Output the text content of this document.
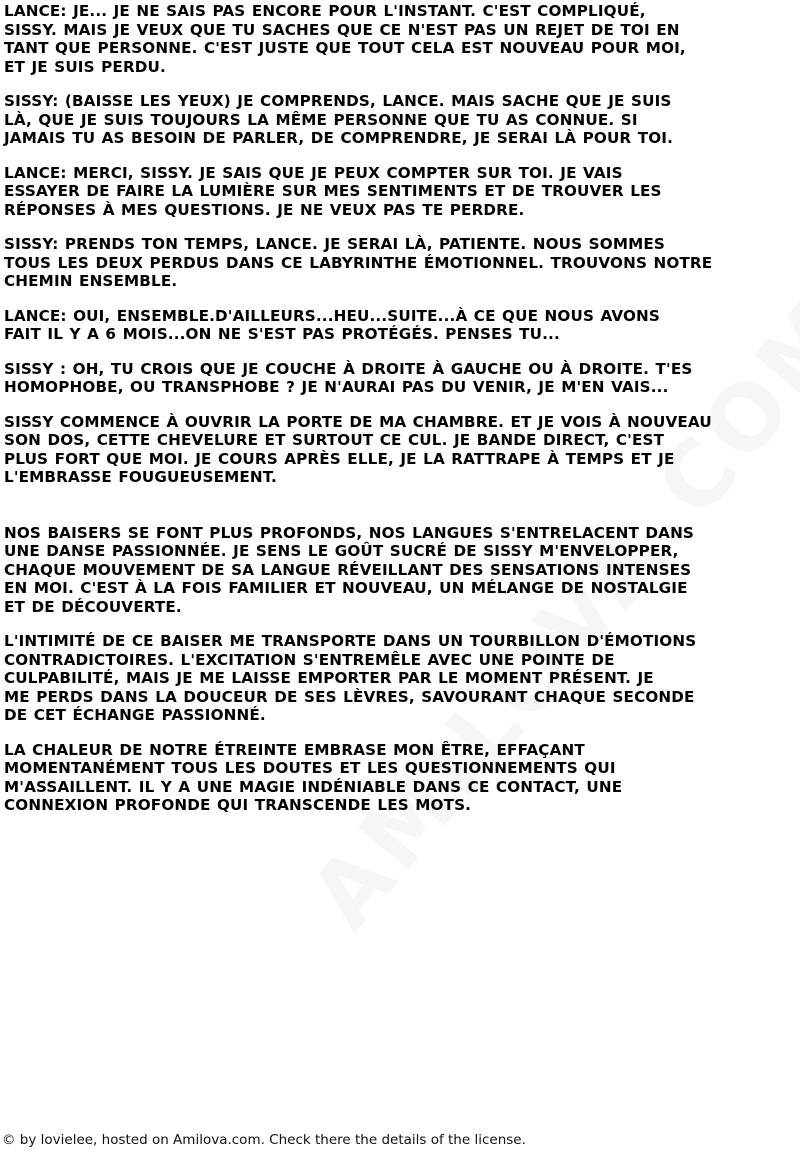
LANCE: JE... JE NE SAIS PAS ENCORE POUR L'INSTANT. C'EST COMPLIQUÉ,
SISSY. MAIS JE VEUX QUE TU SACHES QUE CE N'EST PAS UN REJET DE TOI EN
TANT QUE PERSONNE. C'EST JUSTE QUE TOUT CELA EST NOUVEAU POUR MOI,
ET JE SUIS PERDU.

SISSY: (BAISSE LES YEUX) JE COMPRENDS, LANCE. MAIS SACHE QUE JE SUIS
LÀ, QUE JE SUIS TOUJOURS LA MÊME PERSONNE QUE TU AS CONNUE. SI
JAMAIS TU AS BESOIN DE PARLER, DE COMPRENDRE, JE SERAI LÀ POUR TOI.

LANCE: MERCI, SISSY. JE SAIS QUE JE PEUX COMPTER SUR TOI. JE VAIS
ESSAYER DE FAIRE LA LUMIÈRE SUR MES SENTIMENTS ET DE TROUVER LES
RÉPONSES À MES QUESTIONS. JE NE VEUX PAS TE PERDRE.

SISSY: PRENDS TON TEMPS, LANCE. JE SERAI LÀ, PATIENTE. NOUS SOMMES
TOUS LES DEUX PERDUS DANS CE LABYRINTHE ÉMOTIONNEL. TROUVONS NOTRE
CHEMIN ENSEMBLE.

LANCE: OUI, ENSEMBLE.D'AILLEURS...HEU...SUITE...À CE QUE NOUS AVONS
FAIT IL Y A 6 MOIS...ON NE S'EST PAS PROTÉGÉS. PENSES TU...

SISSY : OH, TU CROIS QUE JE COUCHE À DROITE À GAUCHE OU À DROITE. T'ES
HOMOPHOBE, OU TRANSPHOBE ? JE N'AURAI PAS DU VENIR, JE M'EN VAIS...

SISSY COMMENCE À OUVRIR LA PORTE DE MA CHAMBRE. ET JE VOIS À NOUVEAU
SON DOS, CETTE CHEVELURE ET SURTOUT CE CUL. JE BANDE DIRECT, C'EST
PLUS FORT QUE MOI. JE COURS APRÈS ELLE, JE LA RATTRAPE À TEMPS ET JE
L'EMBRASSE FOUGUEUSEMENT.

NOS BAISERS SE FONT PLUS PROFONDS, NOS LANGUES S'ENTRELACENT DANS
UNE DANSE PASSIONNÉE. JE SENS LE GOÛT SUCRÉ DE SISSY M'ENVELOPPER,
CHAQUE MOUVEMENT DE SA LANGUE RÉVEILLANT DES SENSATIONS INTENSES
EN MOI. C'EST À LA FOIS FAMILIER ET NOUVEAU, UN MÉLANGE DE NOSTALGIE
ET DE DÉCOUVERTE.

L'INTIMITÉ DE CE BAISER ME TRANSPORTE DANS UN TOURBILLON D'ÉMOTIONS
CONTRADICTOIRES. L'EXCITATION S'ENTREMÊLE AVEC UNE POINTE DE
CULPABILITÉ, MAIS JE ME LAISSE EMPORTER PAR LE MOMENT PRÉSENT. JE
ME PERDS DANS LA DOUCEUR DE SES LÈVRES, SAVOURANT CHAQUE SECONDE
DE CET ÉCHANGE PASSIONNÉ.

LA CHALEUR DE NOTRE ÉTREINTE EMBRASE MON ÊTRE, EFFAÇANT
MOMENTANÉMENT TOUS LES DOUTES ET LES QUESTIONNEMENTS QUI
M'ASSAILLENT. IL Y A UNE MAGIE INDÉNIABLE DANS CE CONTACT, UNE
CONNEXION PROFONDE QUI TRANSCENDE LES MOTS.

© by lovielee, hosted on Amilova.com. Check there the details of the license.
